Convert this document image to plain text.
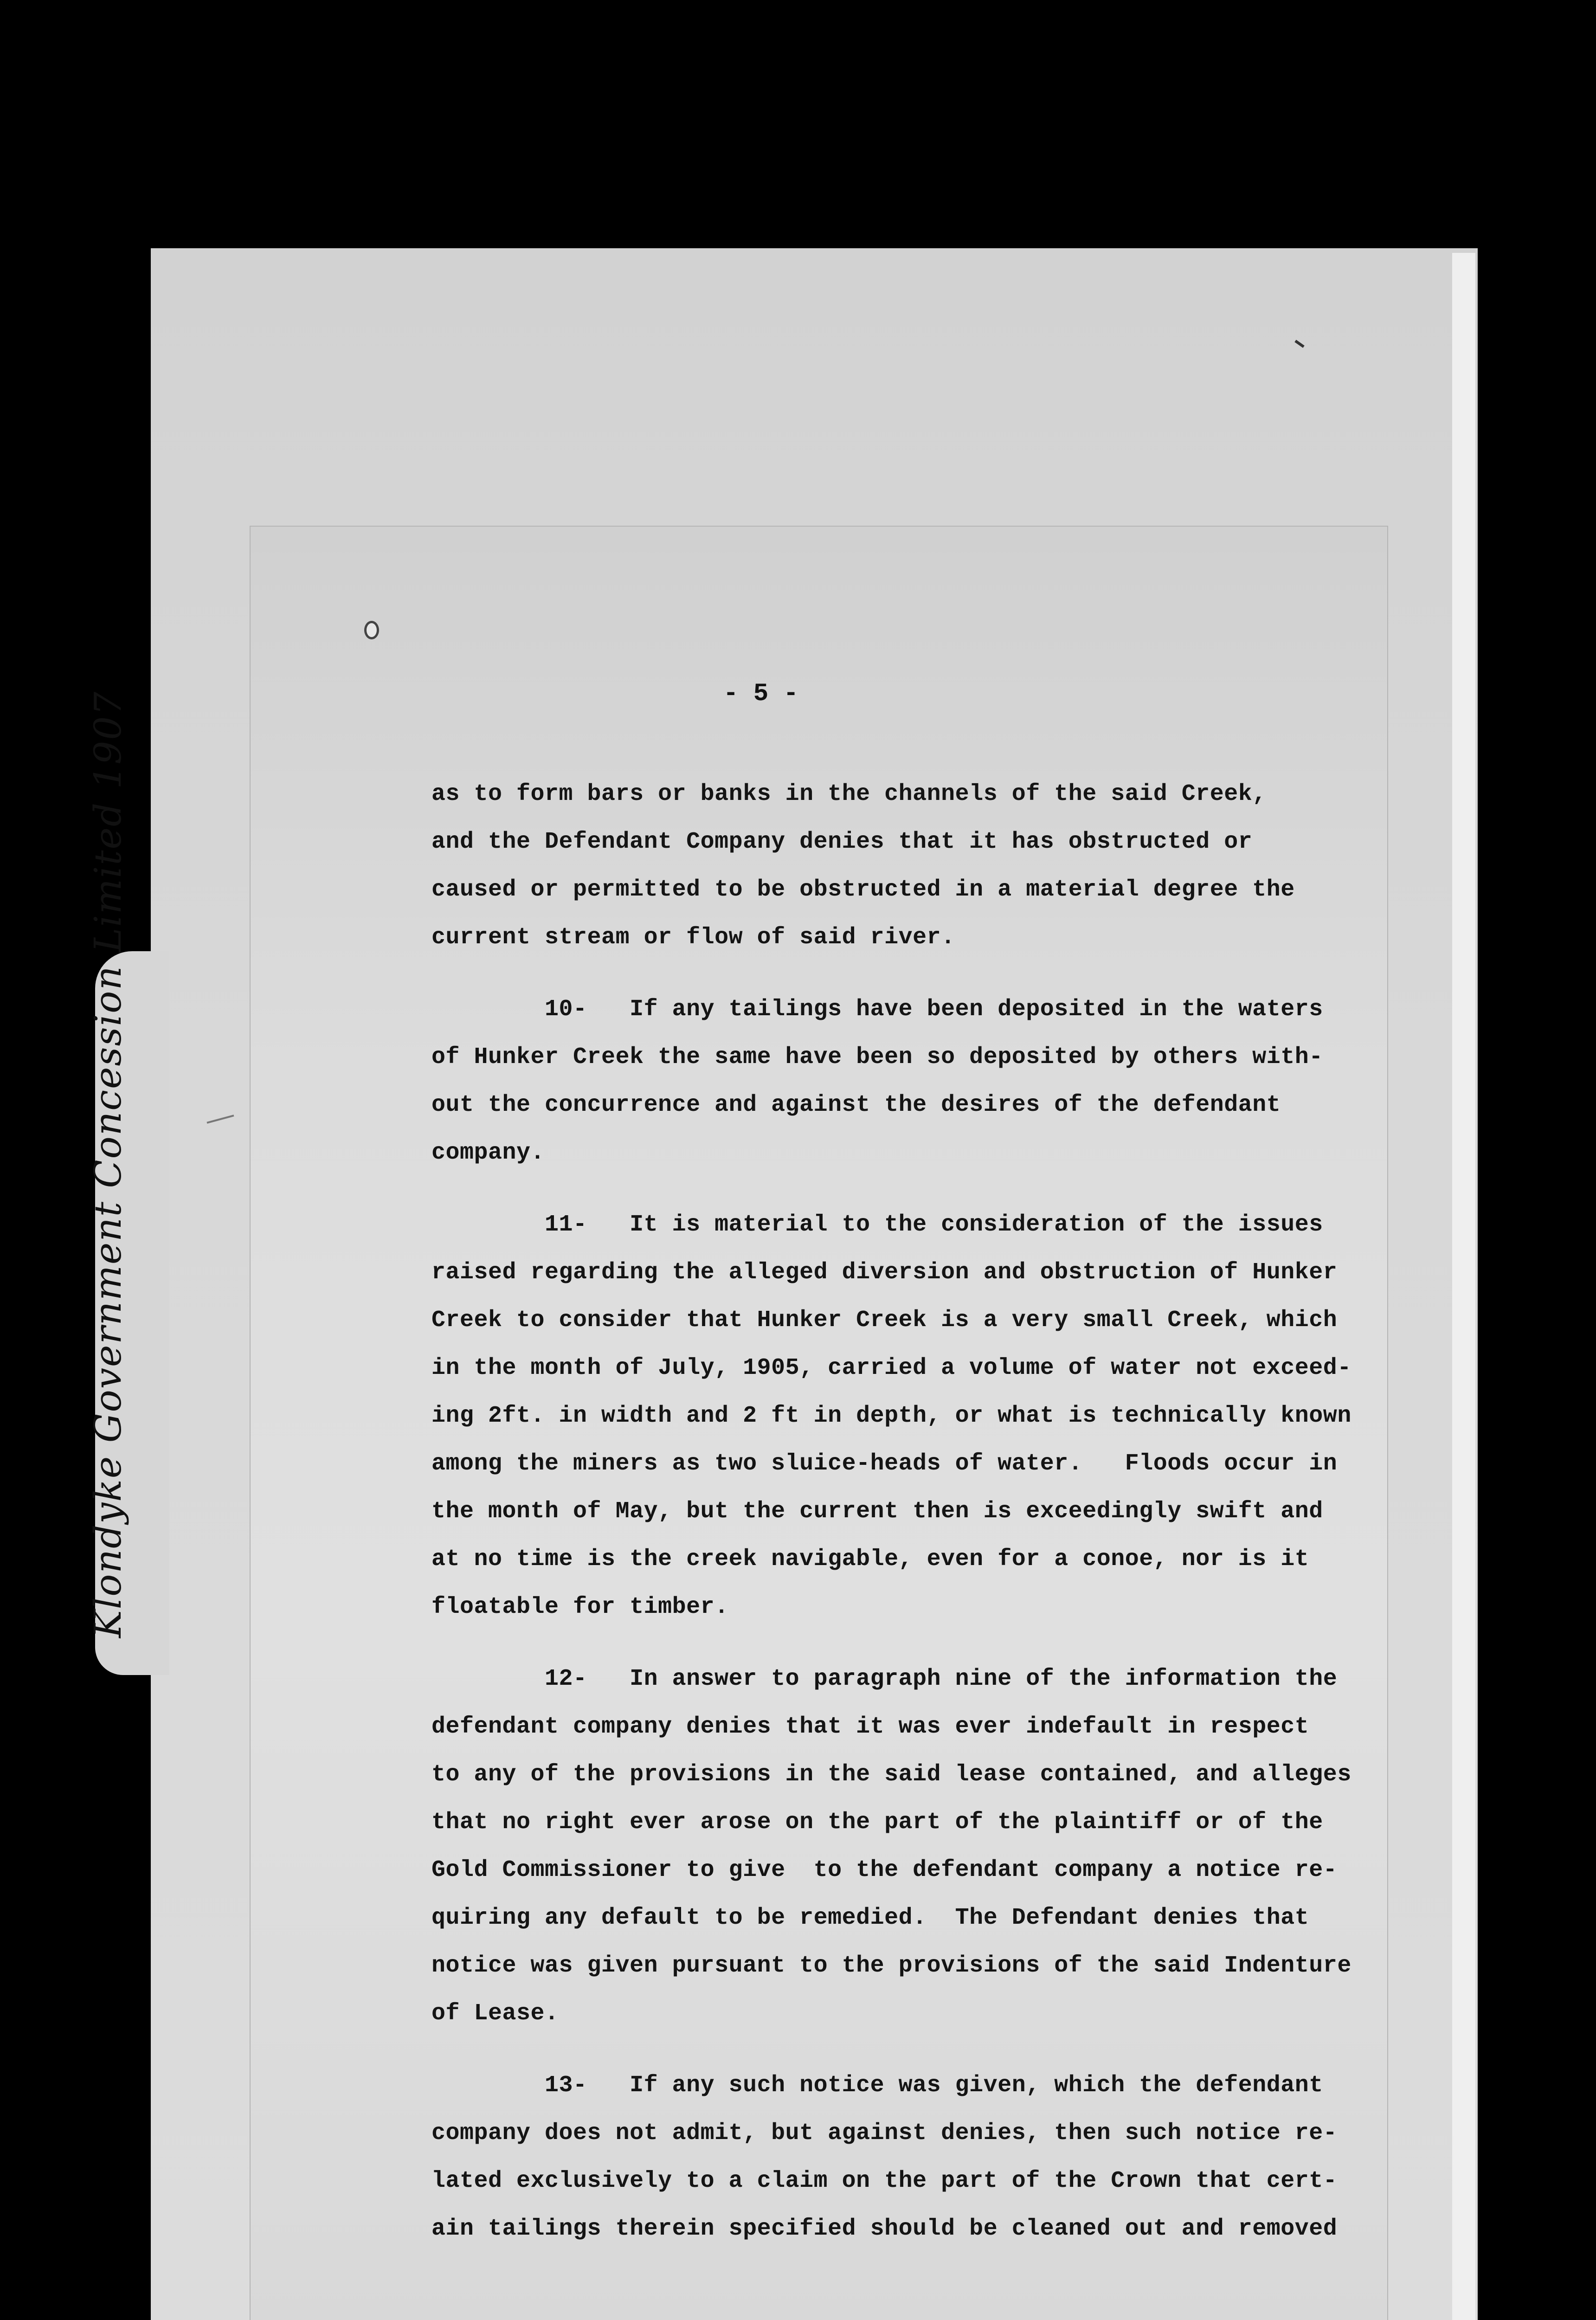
Klondyke Government Concession Limited 1907	- 5 -
as to form bars or banks in the channels of the said Creek,
and the Defendant Company denies that it has obstructed or
caused or permitted to be obstructed in a material degree the
current stream or flow of said river.
10-   If any tailings have been deposited in the waters
of Hunker Creek the same have been so deposited by others with-
out the concurrence and against the desires of the defendant
company.
11-   It is material to the consideration of the issues
raised regarding the alleged diversion and obstruction of Hunker
Creek to consider that Hunker Creek is a very small Creek, which
in the month of July, 1905, carried a volume of water not exceed-
ing 2ft. in width and 2 ft in depth, or what is technically known
among the miners as two sluice-heads of water.   Floods occur in
the month of May, but the current then is exceedingly swift and
at no time is the creek navigable, even for a conoe, nor is it
floatable for timber.
12-   In answer to paragraph nine of the information the
defendant company denies that it was ever indefault in respect
to any of the provisions in the said lease contained, and alleges
that no right ever arose on the part of the plaintiff or of the
Gold Commissioner to give  to the defendant company a notice re-
quiring any default to be remedied.  The Defendant denies that
notice was given pursuant to the provisions of the said Indenture
of Lease.
13-   If any such notice was given, which the defendant
company does not admit, but against denies, then such notice re-
lated exclusively to a claim on the part of the Crown that cert-
ain tailings therein specified should be cleaned out and removed
